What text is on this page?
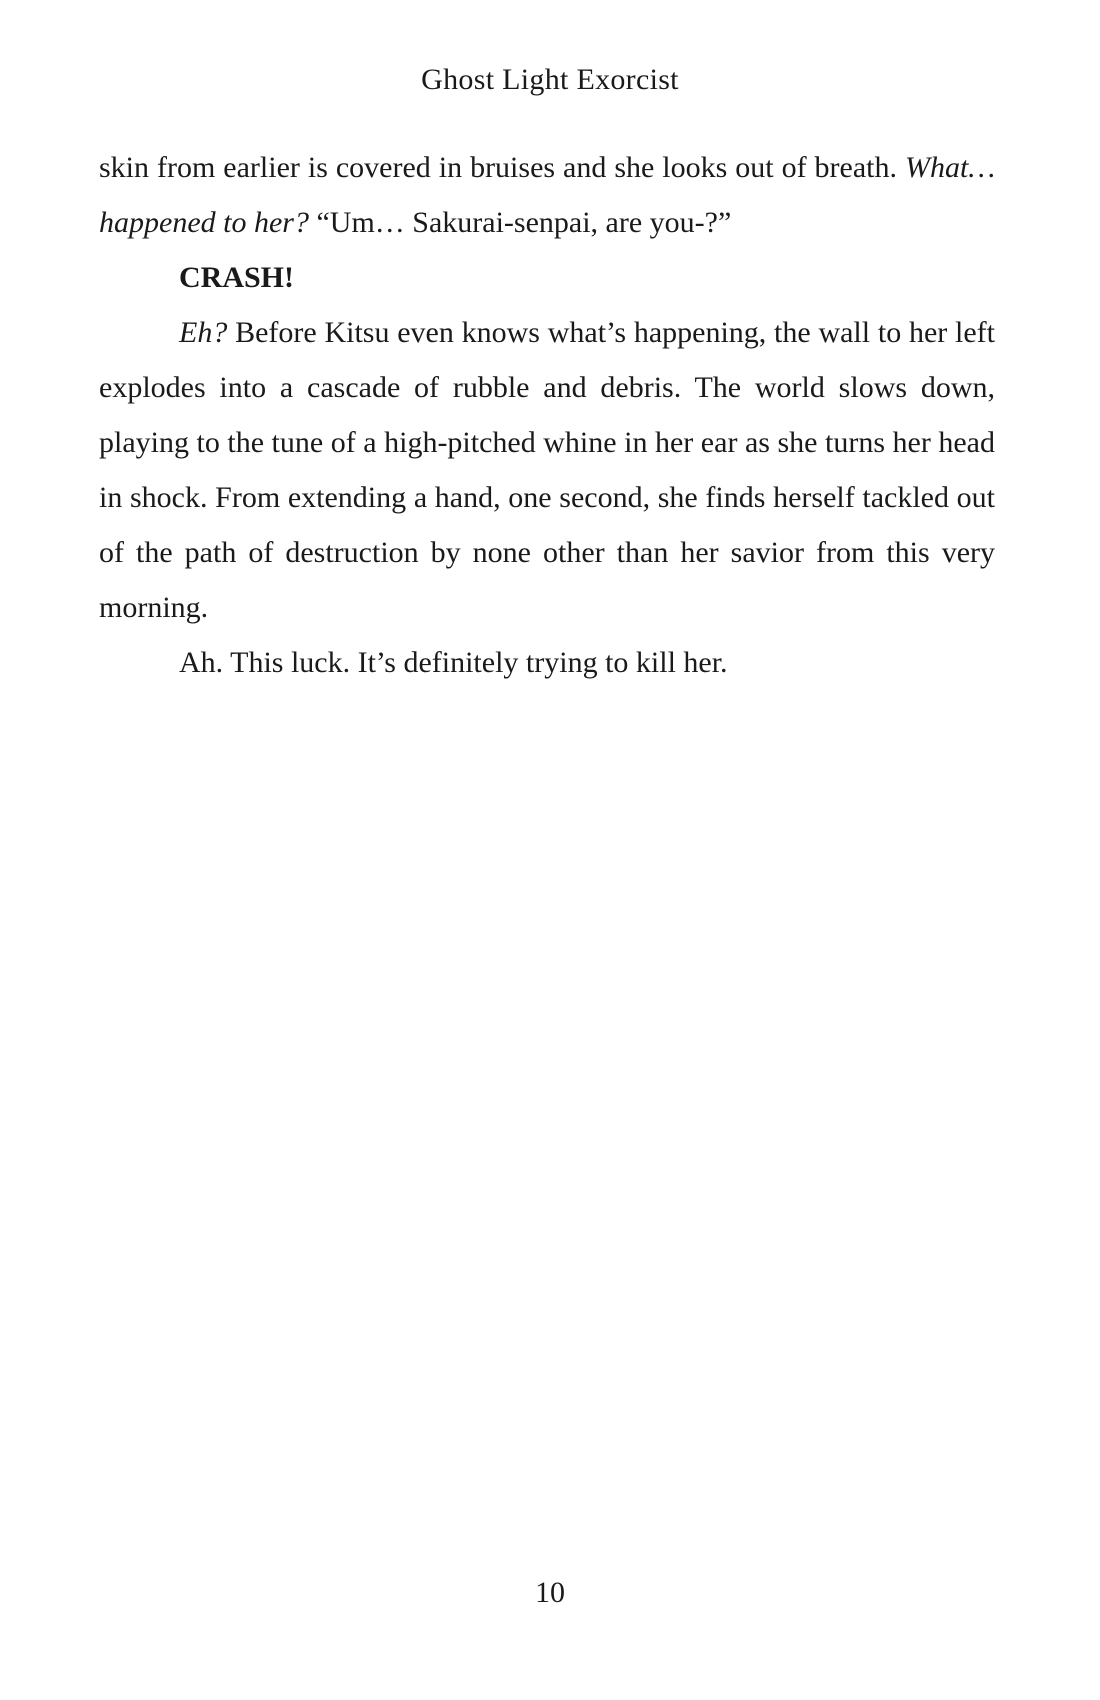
Ghost Light Exorcist

skin from earlier is covered in bruises and she looks out of breath. What… happened to her? “Um… Sakurai-senpai, are you-?”

CRASH!

Eh? Before Kitsu even knows what’s happening, the wall to her left explodes into a cascade of rubble and debris. The world slows down, playing to the tune of a high-pitched whine in her ear as she turns her head in shock. From extending a hand, one second, she finds herself tackled out of the path of destruction by none other than her savior from this very morning.

Ah. This luck. It’s definitely trying to kill her.

10
